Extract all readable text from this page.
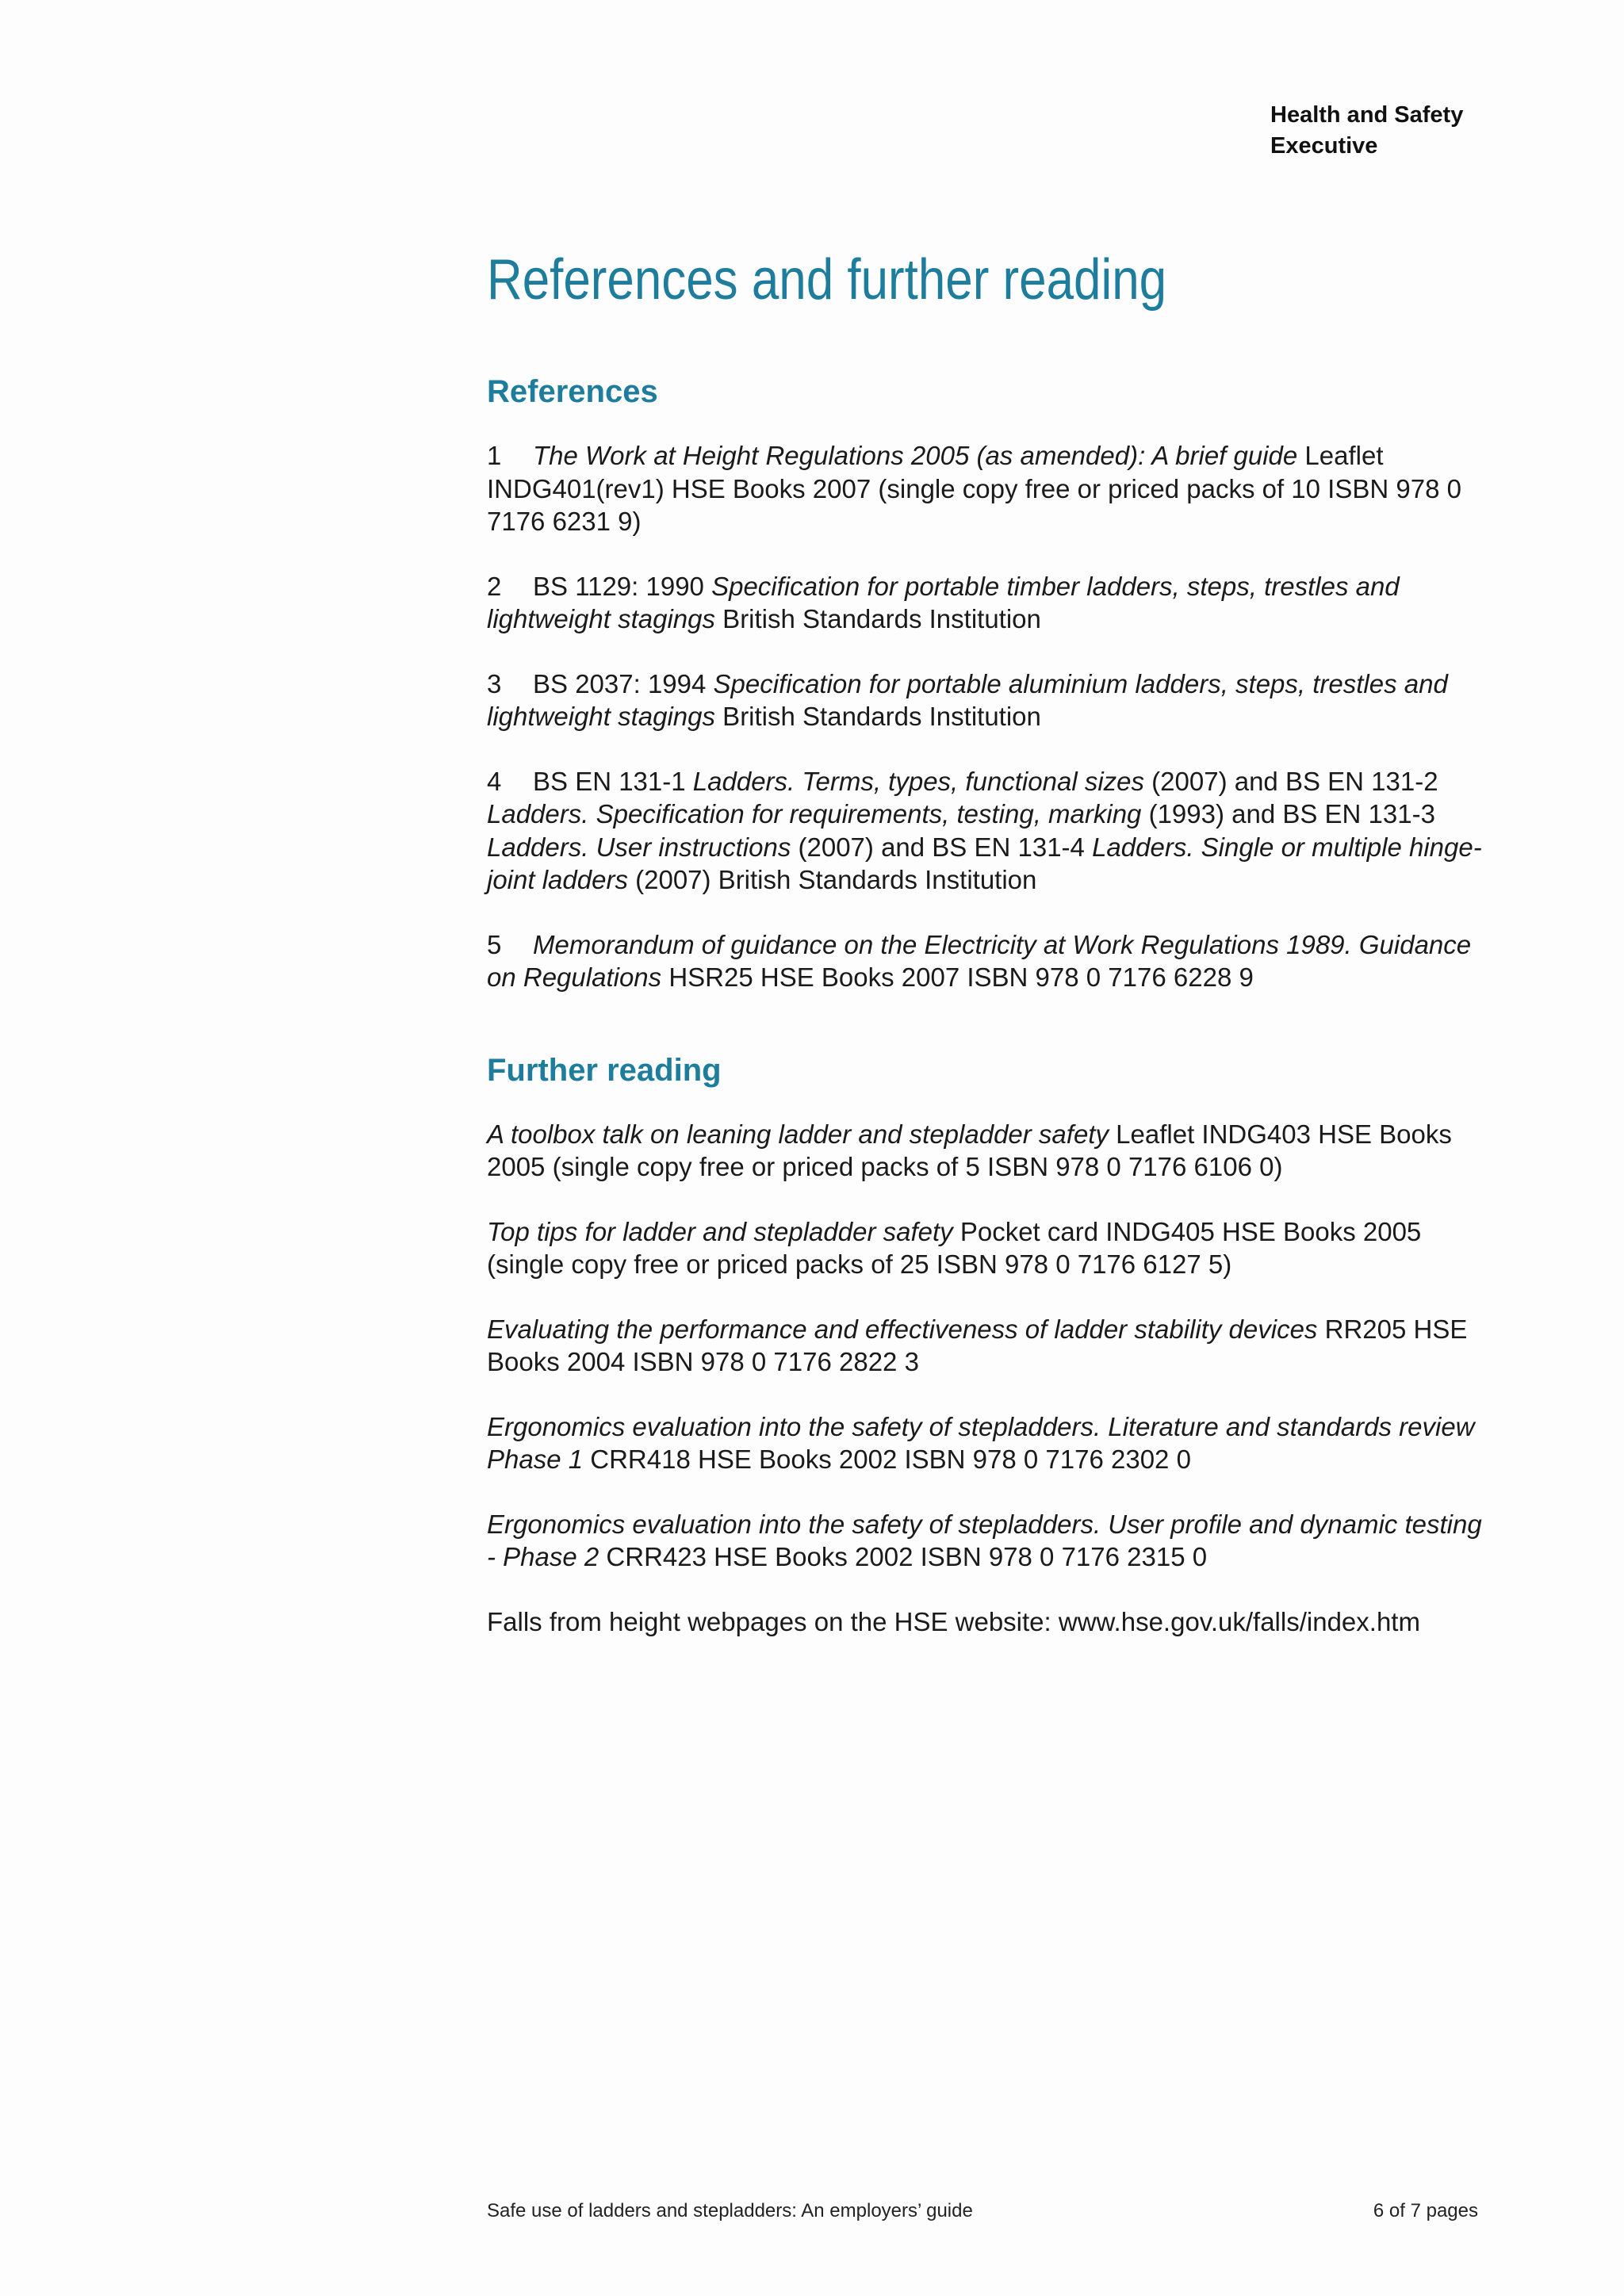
Health and Safety
Executive
References and further reading
References
1 The Work at Height Regulations 2005 (as amended): A brief guide Leaflet INDG401(rev1) HSE Books 2007 (single copy free or priced packs of 10 ISBN 978 0 7176 6231 9)
2 BS 1129: 1990 Specification for portable timber ladders, steps, trestles and lightweight stagings British Standards Institution
3 BS 2037: 1994 Specification for portable aluminium ladders, steps, trestles and lightweight stagings British Standards Institution
4 BS EN 131-1 Ladders. Terms, types, functional sizes (2007) and BS EN 131-2 Ladders. Specification for requirements, testing, marking (1993) and BS EN 131-3 Ladders. User instructions (2007) and BS EN 131-4 Ladders. Single or multiple hinge-joint ladders (2007) British Standards Institution
5 Memorandum of guidance on the Electricity at Work Regulations 1989. Guidance on Regulations HSR25 HSE Books 2007 ISBN 978 0 7176 6228 9
Further reading
A toolbox talk on leaning ladder and stepladder safety Leaflet INDG403 HSE Books 2005 (single copy free or priced packs of 5 ISBN 978 0 7176 6106 0)
Top tips for ladder and stepladder safety Pocket card INDG405 HSE Books 2005 (single copy free or priced packs of 25 ISBN 978 0 7176 6127 5)
Evaluating the performance and effectiveness of ladder stability devices RR205 HSE Books 2004 ISBN 978 0 7176 2822 3
Ergonomics evaluation into the safety of stepladders. Literature and standards review Phase 1 CRR418 HSE Books 2002 ISBN 978 0 7176 2302 0
Ergonomics evaluation into the safety of stepladders. User profile and dynamic testing - Phase 2 CRR423 HSE Books 2002 ISBN 978 0 7176 2315 0
Falls from height webpages on the HSE website: www.hse.gov.uk/falls/index.htm
Safe use of ladders and stepladders: An employers’ guide	6 of 7 pages
